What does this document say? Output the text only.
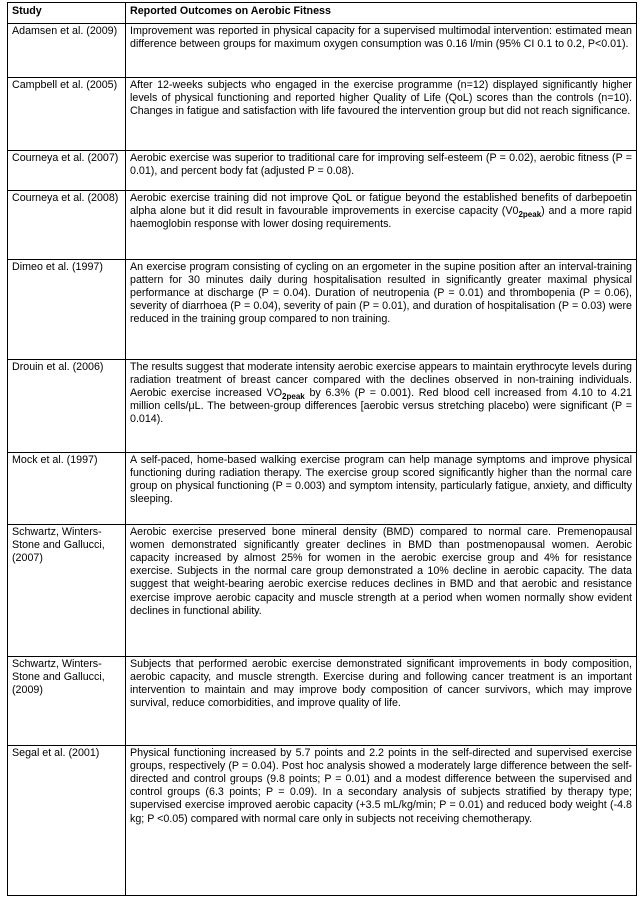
Study	Reported Outcomes on Aerobic Fitness
Adamsen et al. (2009)	Improvement was reported in physical capacity for a supervised multimodal intervention: estimated mean difference between groups for maximum oxygen consumption was 0.16 l/min (95% CI 0.1 to 0.2, P<0.01).
Campbell et al. (2005)	After 12-weeks subjects who engaged in the exercise programme (n=12) displayed significantly higher levels of physical functioning and reported higher Quality of Life (QoL) scores than the controls (n=10). Changes in fatigue and satisfaction with life favoured the intervention group but did not reach significance.
Courneya et al. (2007)	Aerobic exercise was superior to traditional care for improving self-esteem (P = 0.02), aerobic fitness (P = 0.01), and percent body fat (adjusted P = 0.08).
Courneya et al. (2008)	Aerobic exercise training did not improve QoL or fatigue beyond the established benefits of darbepoetin alpha alone but it did result in favourable improvements in exercise capacity $(V0_{2peak})$ and a more rapid haemoglobin response with lower dosing requirements.
Dimeo et al. (1997)	An exercise program consisting of cycling on an ergometer in the supine position after an interval-training pattern for 30 minutes daily during hospitalisation resulted in significantly greater maximal physical performance at discharge (P = 0.04). Duration of neutropenia (P = 0.01) and thrombopenia (P = 0.06), severity of diarrhoea (P = 0.04), severity of pain (P = 0.01), and duration of hospitalisation (P = 0.03) were reduced in the training group compared to non training.
Drouin et al. (2006)	The results suggest that moderate intensity aerobic exercise appears to maintain erythrocyte levels during radiation treatment of breast cancer compared with the declines observed in non-training individuals. Aerobic exercise increased $VO_{2peak}$ by 6.3% (P = 0.001). Red blood cell increased from 4.10 to 4.21 million cells/μL. The between-group differences [aerobic versus stretching placebo) were significant (P = 0.014).
Mock et al. (1997)	A self-paced, home-based walking exercise program can help manage symptoms and improve physical functioning during radiation therapy. The exercise group scored significantly higher than the normal care group on physical functioning (P = 0.003) and symptom intensity, particularly fatigue, anxiety, and difficulty sleeping.
Schwartz, Winters-Stone and Gallucci, (2007)	Aerobic exercise preserved bone mineral density (BMD) compared to normal care. Premenopausal women demonstrated significantly greater declines in BMD than postmenopausal women. Aerobic capacity increased by almost 25% for women in the aerobic exercise group and 4% for resistance exercise. Subjects in the normal care group demonstrated a 10% decline in aerobic capacity. The data suggest that weight-bearing aerobic exercise reduces declines in BMD and that aerobic and resistance exercise improve aerobic capacity and muscle strength at a period when women normally show evident declines in functional ability.
Schwartz, Winters-Stone and Gallucci, (2009)	Subjects that performed aerobic exercise demonstrated significant improvements in body composition, aerobic capacity, and muscle strength. Exercise during and following cancer treatment is an important intervention to maintain and may improve body composition of cancer survivors, which may improve survival, reduce comorbidities, and improve quality of life.
Segal et al. (2001)	Physical functioning increased by 5.7 points and 2.2 points in the self-directed and supervised exercise groups, respectively (P = 0.04). Post hoc analysis showed a moderately large difference between the self-directed and control groups (9.8 points; P = 0.01) and a modest difference between the supervised and control groups (6.3 points; P = 0.09). In a secondary analysis of subjects stratified by therapy type; supervised exercise improved aerobic capacity (+3.5 mL/kg/min; P = 0.01) and reduced body weight (-4.8 kg; P <0.05) compared with normal care only in subjects not receiving chemotherapy.
